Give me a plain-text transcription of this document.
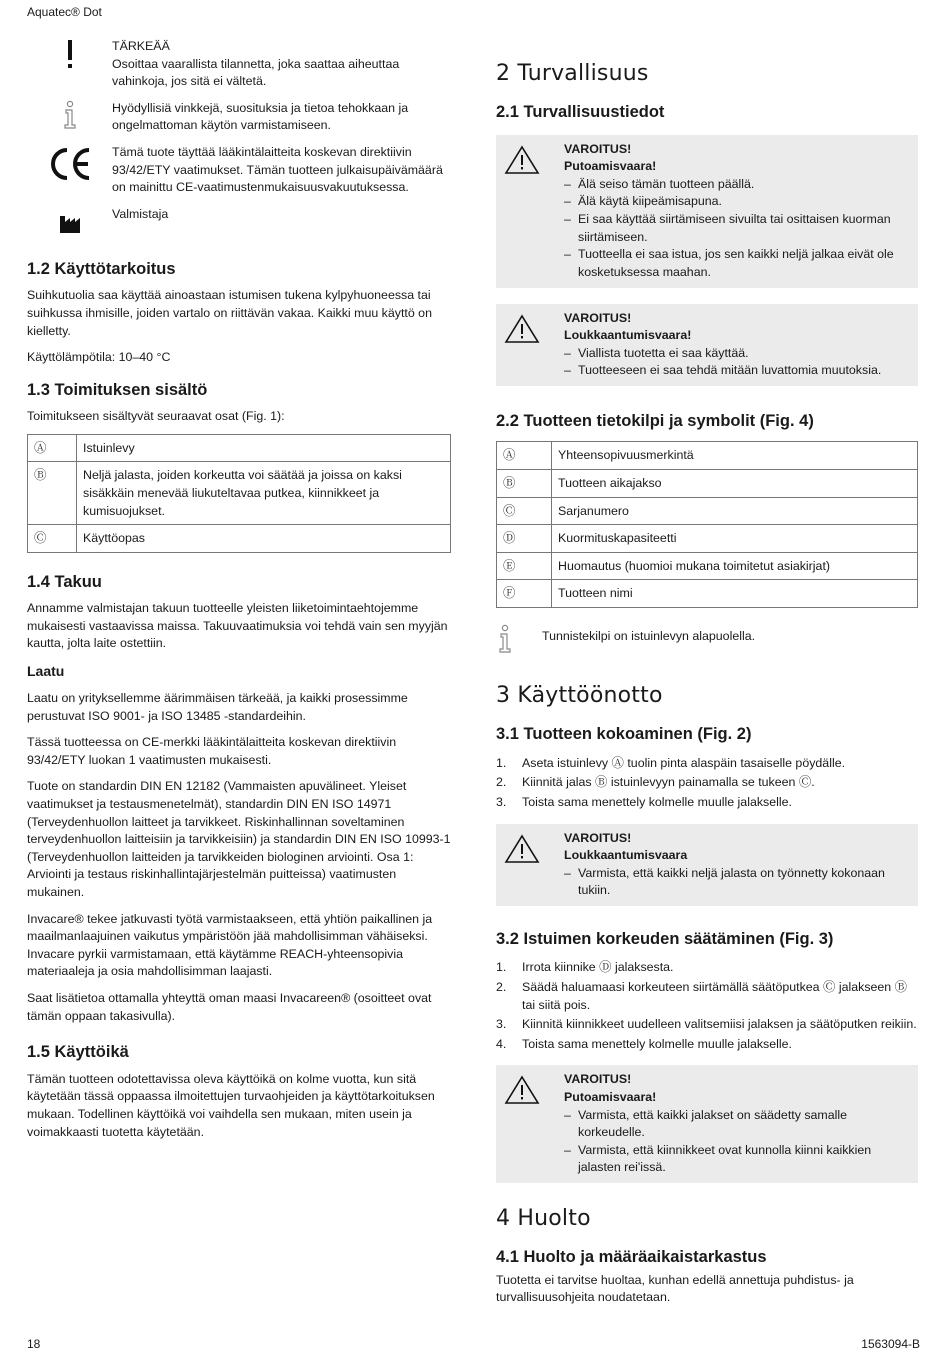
Aquatec® Dot
TÄRKEÄÄ
Osoittaa vaarallista tilannetta, joka saattaa aiheuttaa vahinkoja, jos sitä ei vältetä.
Hyödyllisiä vinkkejä, suosituksia ja tietoa tehokkaan ja ongelmattoman käytön varmistamiseen.
Tämä tuote täyttää lääkintälaitteita koskevan direktiivin 93/42/ETY vaatimukset. Tämän tuotteen julkaisupäivämäärä on mainittu CE-vaatimustenmukaisuusvakuutuksessa.
Valmistaja
1.2 Käyttötarkoitus

Suihkutuolia saa käyttää ainoastaan istumisen tukena kylpyhuoneessa tai suihkussa ihmisille, joiden vartalo on riittävän vakaa. Kaikki muu käyttö on kielletty.

Käyttölämpötila: 10–40 °C

1.3 Toimituksen sisältö

Toimitukseen sisältyvät seuraavat osat (Fig. 1):

Ⓐ	Istuinlevy
Ⓑ	Neljä jalasta, joiden korkeutta voi säätää ja joissa on kaksi sisäkkäin menevää liukuteltavaa putkea, kiinnikkeet ja kumisuojukset.
Ⓒ	Käyttöopas
1.4 Takuu

Annamme valmistajan takuun tuotteelle yleisten liiketoimintaehtojemme mukaisesti vastaavissa maissa. Takuuvaatimuksia voi tehdä vain sen myyjän kautta, jolta laite ostettiin.

Laatu

Laatu on yrityksellemme äärimmäisen tärkeää, ja kaikki prosessimme perustuvat ISO 9001- ja ISO 13485 -standardeihin.

Tässä tuotteessa on CE-merkki lääkintälaitteita koskevan direktiivin 93/42/ETY luokan 1 vaatimusten mukaisesti.

Tuote on standardin DIN EN 12182 (Vammaisten apuvälineet. Yleiset vaatimukset ja testausmenetelmät), standardin DIN EN ISO 14971 (Terveydenhuollon laitteet ja tarvikkeet. Riskinhallinnan soveltaminen terveydenhuollon laitteisiin ja tarvikkeisiin) ja standardin DIN EN ISO 10993-1 (Terveydenhuollon laitteiden ja tarvikkeiden biologinen arviointi. Osa 1: Arviointi ja testaus riskinhallintajärjestelmän puitteissa) vaatimusten mukainen.

Invacare® tekee jatkuvasti työtä varmistaakseen, että yhtiön paikallinen ja maailmanlaajuinen vaikutus ympäristöön jää mahdollisimman vähäiseksi. Invacare pyrkii varmistamaan, että käytämme REACH-yhteensopivia materiaaleja ja osia mahdollisimman laajasti.

Saat lisätietoa ottamalla yhteyttä oman maasi Invacareen® (osoitteet ovat tämän oppaan takasivulla).

1.5 Käyttöikä

Tämän tuotteen odotettavissa oleva käyttöikä on kolme vuotta, kun sitä käytetään tässä oppaassa ilmoitettujen turvaohjeiden ja käyttötarkoituksen mukaan. Todellinen käyttöikä voi vaihdella sen mukaan, miten usein ja voimakkaasti tuotetta käytetään.

2 Turvallisuus
2.1 Turvallisuustiedot
VAROITUS!
Putoamisvaara!
– Älä seiso tämän tuotteen päällä.
– Älä käytä kiipeämisapuna.
– Ei saa käyttää siirtämiseen sivuilta tai osittaisen kuorman siirtämiseen.
– Tuotteella ei saa istua, jos sen kaikki neljä jalkaa eivät ole kosketuksessa maahan.
VAROITUS!
Loukkaantumisvaara!
– Viallista tuotetta ei saa käyttää.
– Tuotteeseen ei saa tehdä mitään luvattomia muutoksia.
2.2 Tuotteen tietokilpi ja symbolit (Fig. 4)
Ⓐ	Yhteensopivuusmerkintä
Ⓑ	Tuotteen aikajakso
Ⓒ	Sarjanumero
Ⓓ	Kuormituskapasiteetti
Ⓔ	Huomautus (huomioi mukana toimitetut asiakirjat)
Ⓕ	Tuotteen nimi
Tunnistekilpi on istuinlevyn alapuolella.
3 Käyttöönotto
3.1 Tuotteen kokoaminen (Fig. 2)
1.	Aseta istuinlevy Ⓐ tuolin pinta alaspäin tasaiselle pöydälle.
2.	Kiinnitä jalas Ⓑ istuinlevyyn painamalla se tukeen Ⓒ.
3.	Toista sama menettely kolmelle muulle jalakselle.
VAROITUS!
Loukkaantumisvaara
– Varmista, että kaikki neljä jalasta on työnnetty kokonaan tukiin.
3.2 Istuimen korkeuden säätäminen (Fig. 3)
1.	Irrota kiinnike Ⓓ jalaksesta.
2.	Säädä haluamaasi korkeuteen siirtämällä säätöputkea Ⓒ jalakseen Ⓑ tai siitä pois.
3.	Kiinnitä kiinnikkeet uudelleen valitsemiisi jalaksen ja säätöputken reikiin.
4.	Toista sama menettely kolmelle muulle jalakselle.
VAROITUS!
Putoamisvaara!
– Varmista, että kaikki jalakset on säädetty samalle korkeudelle.
– Varmista, että kiinnikkeet ovat kunnolla kiinni kaikkien jalasten rei'issä.
4 Huolto
4.1 Huolto ja määräaikaistarkastus

Tuotetta ei tarvitse huoltaa, kunhan edellä annettuja puhdistus- ja turvallisuusohjeita noudatetaan.

18	1563094-B
